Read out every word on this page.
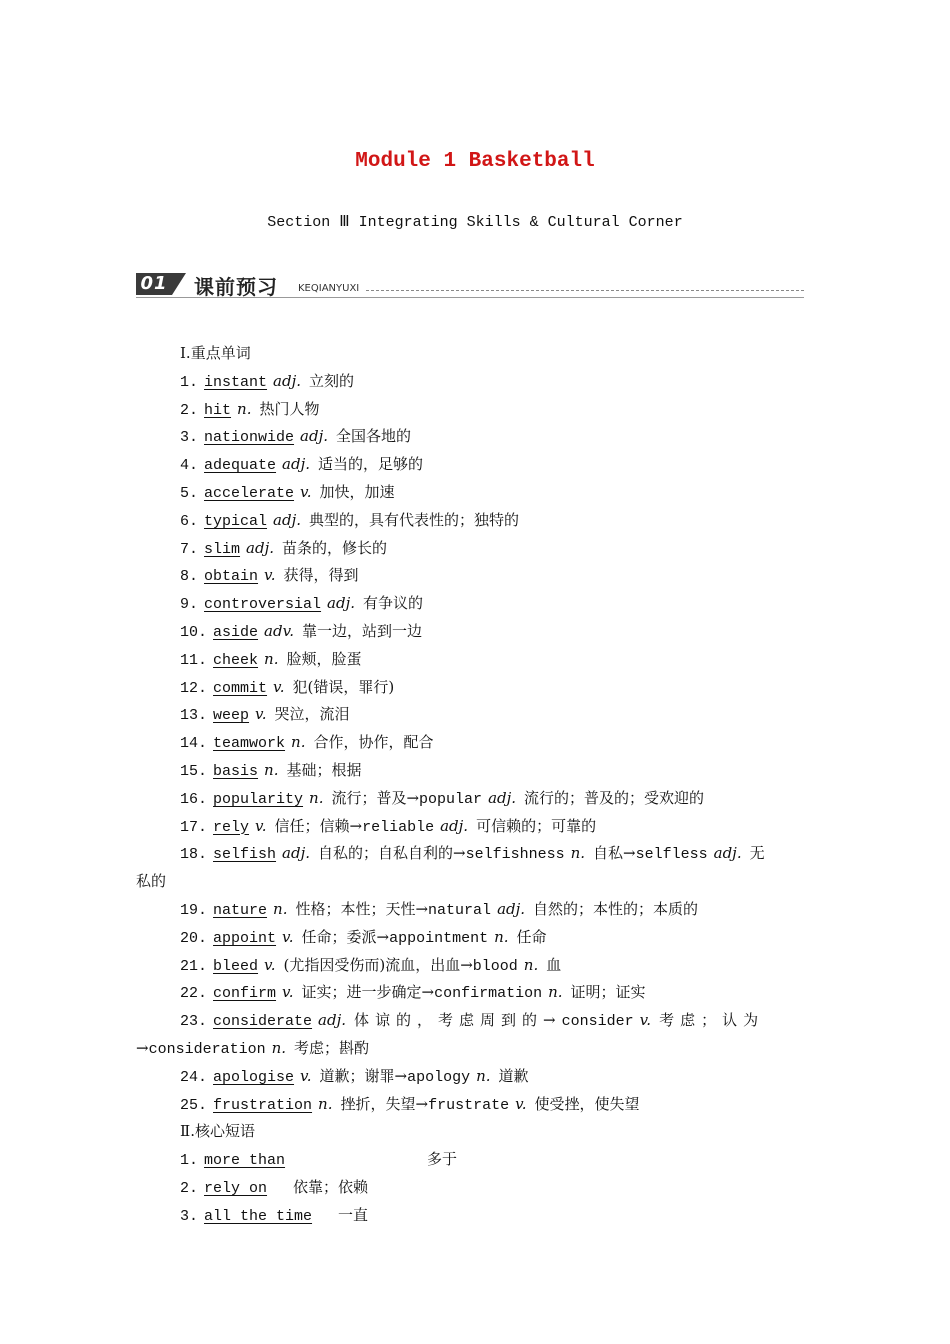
Module 1 Basketball
Section Ⅲ Integrating Skills & Cultural Corner
01 课前预习 KEQIANYUXI
Ⅰ.重点单词
1. instant adj. 立刻的
2. hit n. 热门人物
3. nationwide adj. 全国各地的
4. adequate adj. 适当的，足够的
5. accelerate v. 加快，加速
6. typical adj. 典型的，具有代表性的；独特的
7. slim adj. 苗条的，修长的
8. obtain v. 获得，得到
9. controversial adj. 有争议的
10. aside adv. 靠一边，站到一边
11. cheek n. 脸颊，脸蛋
12. commit v. 犯(错误，罪行)
13. weep v. 哭泣，流泪
14. teamwork n. 合作，协作，配合
15. basis n. 基础；根据
16. popularity n. 流行；普及→popular adj. 流行的；普及的；受欢迎的
17. rely v. 信任；信赖→reliable adj. 可信赖的；可靠的
18. selfish adj. 自私的；自私自利的→selfishness n. 自私→selfless adj. 无
私的
19. nature n. 性格；本性；天性→natural adj. 自然的；本性的；本质的
20. appoint v. 任命；委派→appointment n. 任命
21. bleed v. (尤指因受伤而)流血，出血→blood n. 血
22. confirm v. 证实；进一步确定→confirmation n. 证明；证实
23. considerate adj. 体谅的，考虑周到的→consider v. 考虑；认为
→consideration n. 考虑；斟酌
24. apologise v. 道歉；谢罪→apology n. 道歉
25. frustration n. 挫折，失望→frustrate v. 使受挫，使失望
Ⅱ.核心短语
1. more than	多于
2. rely on 依靠；依赖
3. all the time 一直
